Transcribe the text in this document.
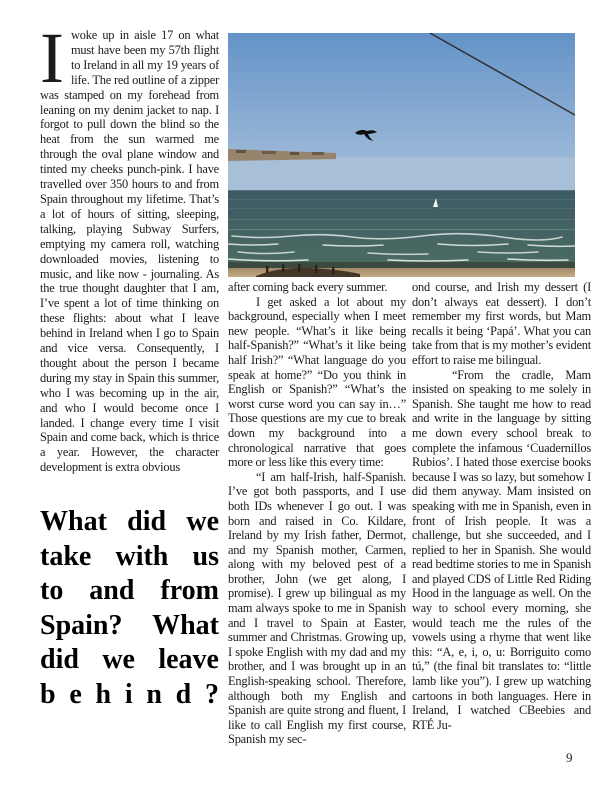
Iwoke up in aisle 17 on what must have been my 57th flight to Ireland in all my 19 years of life. The red outline of a zipper was stamped on my forehead from leaning on my denim jacket to nap. I forgot to pull down the blind so the heat from the sun warmed me through the oval plane window and tinted my cheeks punch-pink. I have travelled over 350 hours to and from Spain throughout my lifetime. That’s a lot of hours of sitting, sleeping, talking, playing Subway Surfers, emptying my camera roll, watching downloaded movies, listening to music, and like now - journaling. As the true thought daughter that I am, I’ve spent a lot of time thinking on these flights: about what I leave behind in Ireland when I go to Spain and vice versa. Consequently, I thought about the person I became during my stay in Spain this summer, who I was becoming up in the air, and who I would become once I landed. I change every time I visit Spain and come back, which is thrice a year. However, the character development is extra obvious

What did we
take with us
to and from
Spain? What
did we leave
b e h i n d ?

after coming back every summer.

I get asked a lot about my background, especially when I meet new people. “What’s it like being half-Spanish?” “What’s it like being half Irish?” “What language do you speak at home?” “Do you think in English or Spanish?” “What’s the worst curse word you can say in…” Those questions are my cue to break down my background into a chronological narrative that goes more or less like this every time:

“I am half-Irish, half-Spanish. I’ve got both passports, and I use both IDs whenever I go out. I was born and raised in Co. Kildare, Ireland by my Irish father, Dermot, and my Spanish mother, Carmen, along with my beloved pest of a brother, John (we get along, I promise). I grew up bilingual as my mam always spoke to me in Spanish and I travel to Spain at Easter, summer and Christmas. Growing up, I spoke English with my dad and my brother, and I was brought up in an English-speaking school. Therefore, although both my English and Spanish are quite strong and fluent, I like to call English my first course, Spanish my sec-

ond course, and Irish my dessert (I don’t always eat dessert). I don’t remember my first words, but Mam recalls it being ‘Papá’. What you can take from that is my mother’s evident effort to raise me bilingual.

“From the cradle, Mam insisted on speaking to me solely in Spanish. She taught me how to read and write in the language by sitting me down every school break to complete the infamous ‘Cuadernillos Rubios’. I hated those exercise books because I was so lazy, but somehow I did them anyway. Mam insisted on speaking with me in Spanish, even in front of Irish people. It was a challenge, but she succeeded, and I replied to her in Spanish. She would read bedtime stories to me in Spanish and played CDS of Little Red Riding Hood in the language as well. On the way to school every morning, she would teach me the rules of the vowels using a rhyme that went like this: “A, e, i, o, u: Borriguito como tú,” (the final bit translates to: “little lamb like you”). I grew up watching cartoons in both languages. Here in Ireland, I watched CBeebies and RTÉ Ju-

9
